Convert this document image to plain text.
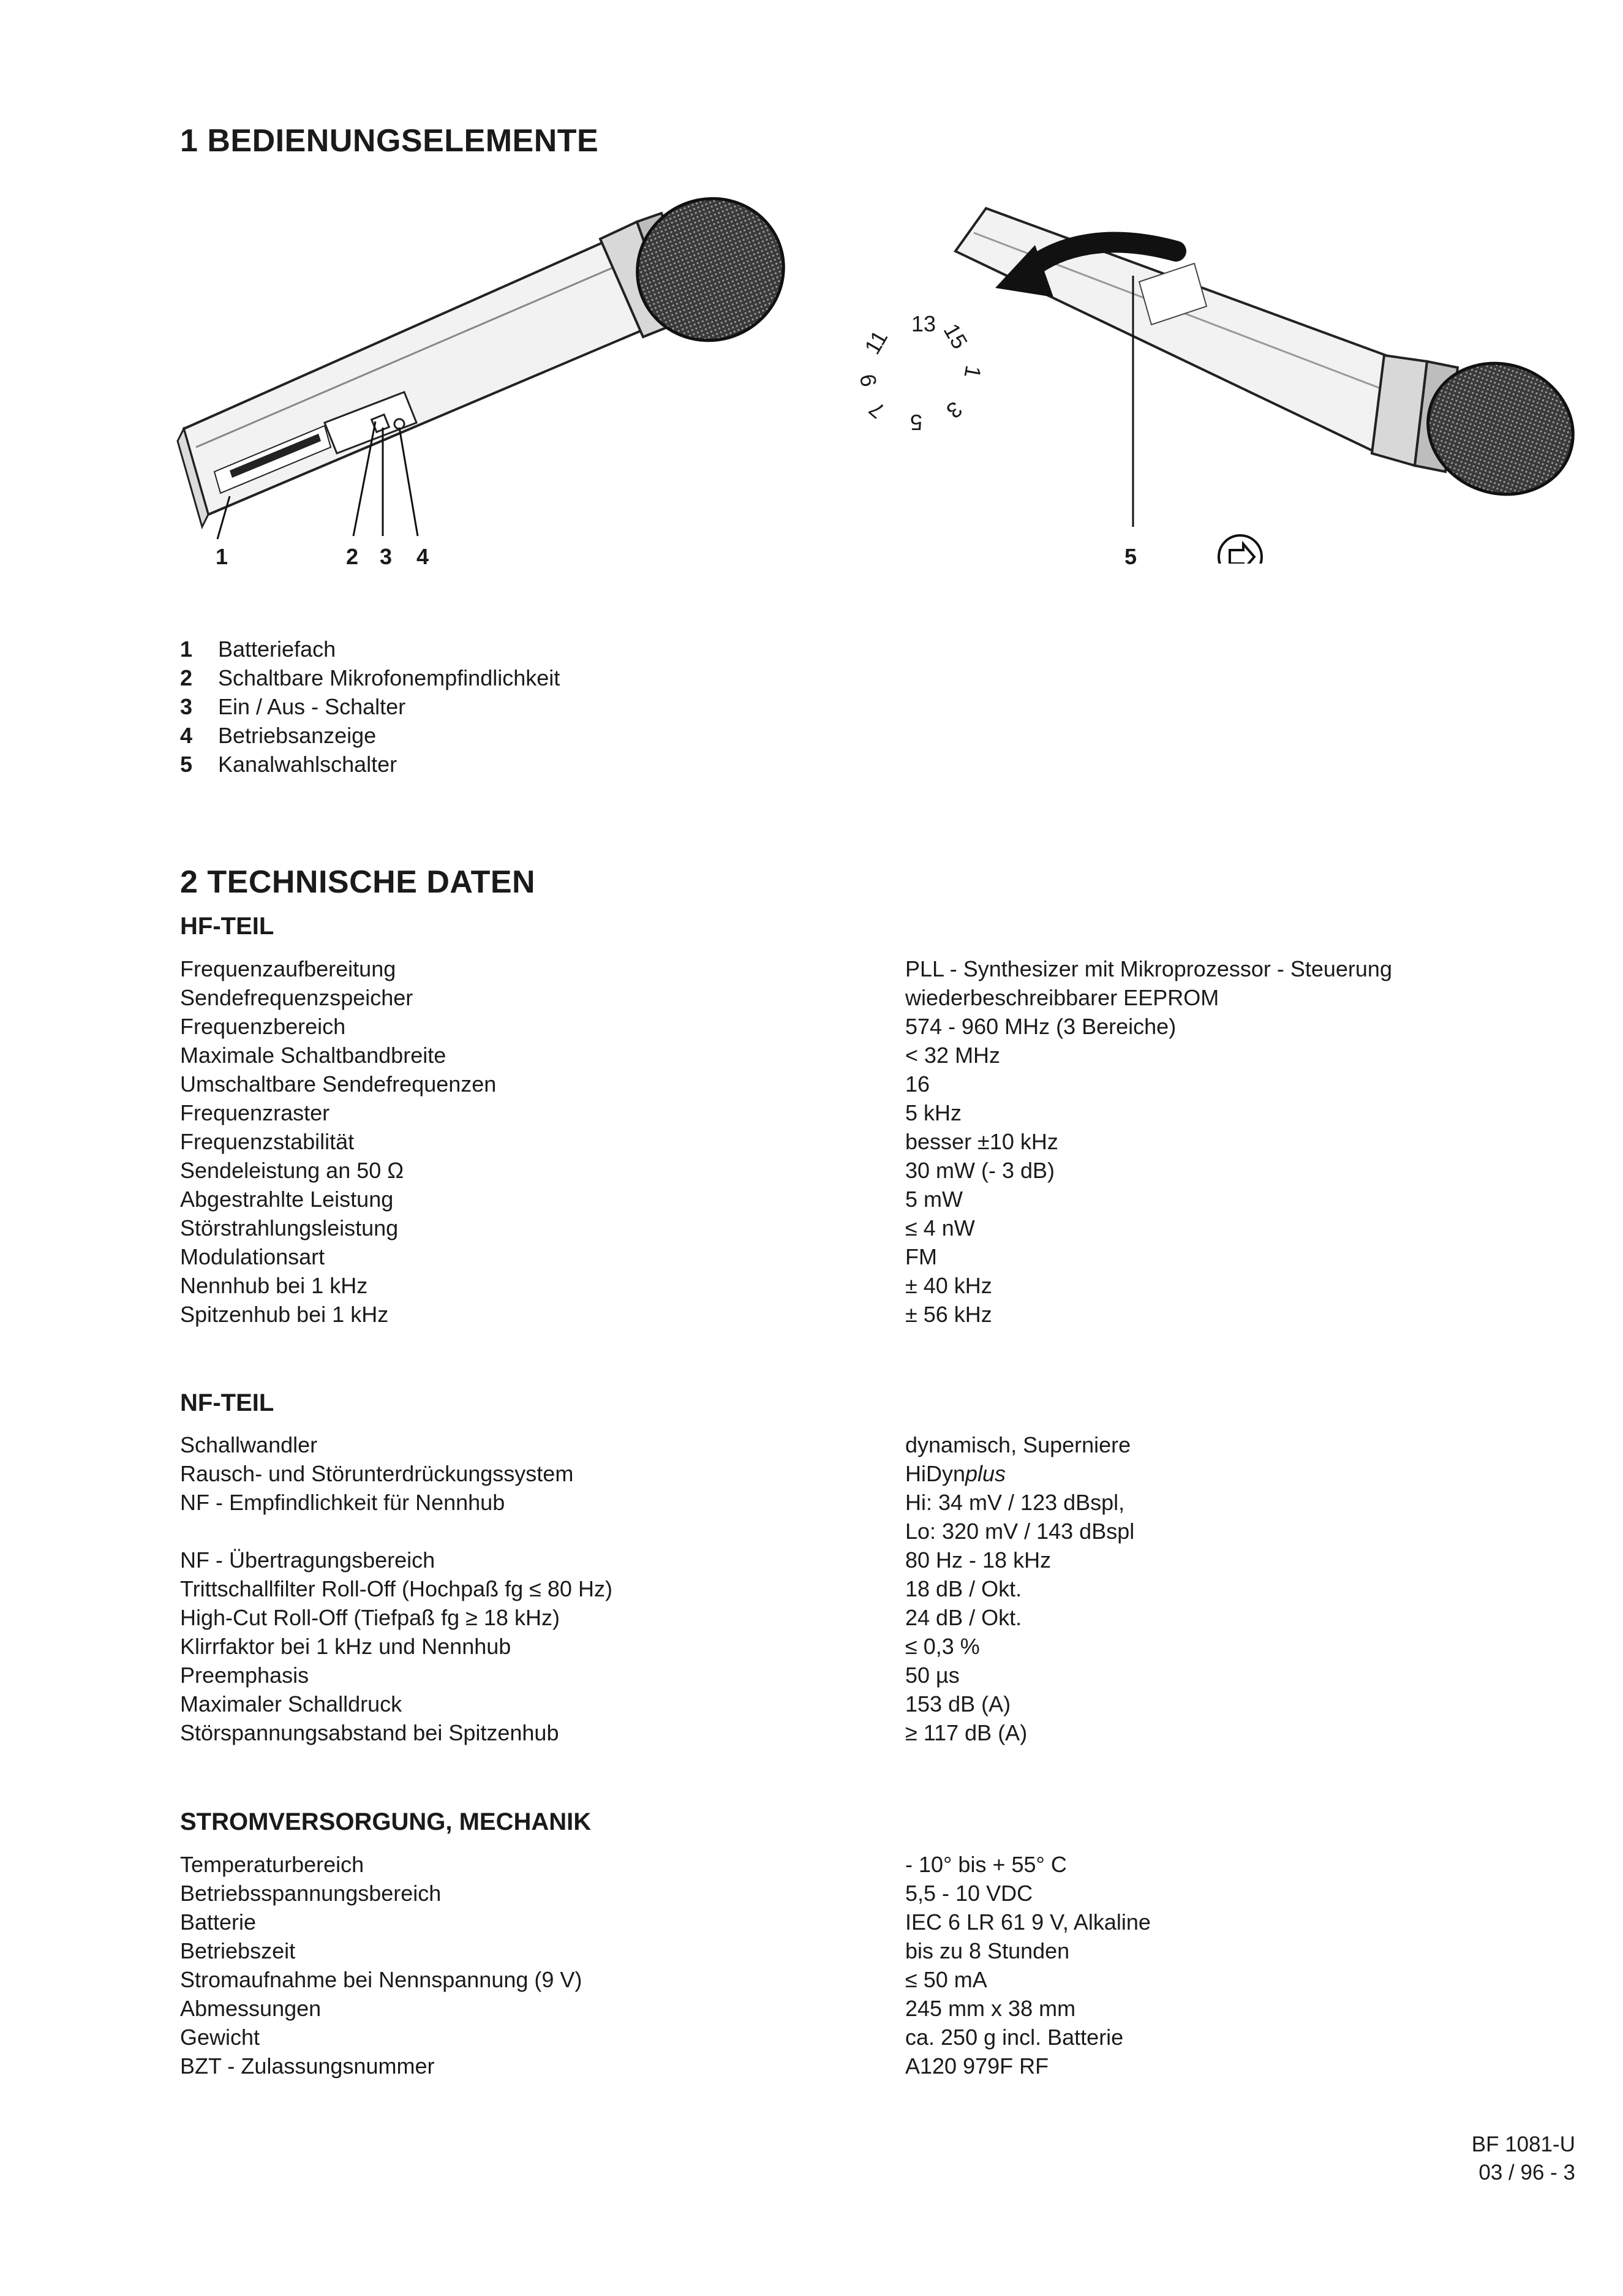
1 BEDIENUNGSELEMENTE
1	2 3 4
13 15
1
3
5
7
9
11
5
1	Batteriefach
2	Schaltbare Mikrofonempfindlichkeit
3	Ein / Aus - Schalter
4	Betriebsanzeige
5	Kanalwahlschalter
2 TECHNISCHE DATEN
HF-TEIL
Frequenzaufbereitung	PLL - Synthesizer mit Mikroprozessor - Steuerung
Sendefrequenzspeicher	wiederbeschreibbarer EEPROM
Frequenzbereich	574 - 960 MHz (3 Bereiche)
Maximale Schaltbandbreite	< 32 MHz
Umschaltbare Sendefrequenzen	16
Frequenzraster	5 kHz
Frequenzstabilität	besser ±10 kHz
Sendeleistung an 50 Ω	30 mW (- 3 dB)
Abgestrahlte Leistung	5 mW
Störstrahlungsleistung	≤ 4 nW
Modulationsart	FM
Nennhub bei 1 kHz	± 40 kHz
Spitzenhub bei 1 kHz	± 56 kHz
NF-TEIL
Schallwandler	dynamisch, Superniere
Rausch- und Störunterdrückungssystem	HiDynplus
NF - Empfindlichkeit für Nennhub	Hi: 34 mV / 123 dBspl,
Lo: 320 mV / 143 dBspl
NF - Übertragungsbereich	80 Hz - 18 kHz
Trittschallfilter Roll-Off (Hochpaß fg ≤ 80 Hz)	18 dB / Okt.
High-Cut Roll-Off (Tiefpaß fg ≥ 18 kHz)	24 dB / Okt.
Klirrfaktor bei 1 kHz und Nennhub	≤ 0,3 %
Preemphasis	50 µs
Maximaler Schalldruck	153 dB (A)
Störspannungsabstand bei Spitzenhub	≥ 117 dB (A)
STROMVERSORGUNG, MECHANIK
Temperaturbereich	- 10° bis + 55° C
Betriebsspannungsbereich	5,5 - 10 VDC
Batterie	IEC 6 LR 61 9 V, Alkaline
Betriebszeit	bis zu 8 Stunden
Stromaufnahme bei Nennspannung (9 V)	≤ 50 mA
Abmessungen	245 mm x 38 mm
Gewicht	ca. 250 g incl. Batterie
BZT - Zulassungsnummer	A120 979F RF
BF 1081-U
03 / 96 - 3
